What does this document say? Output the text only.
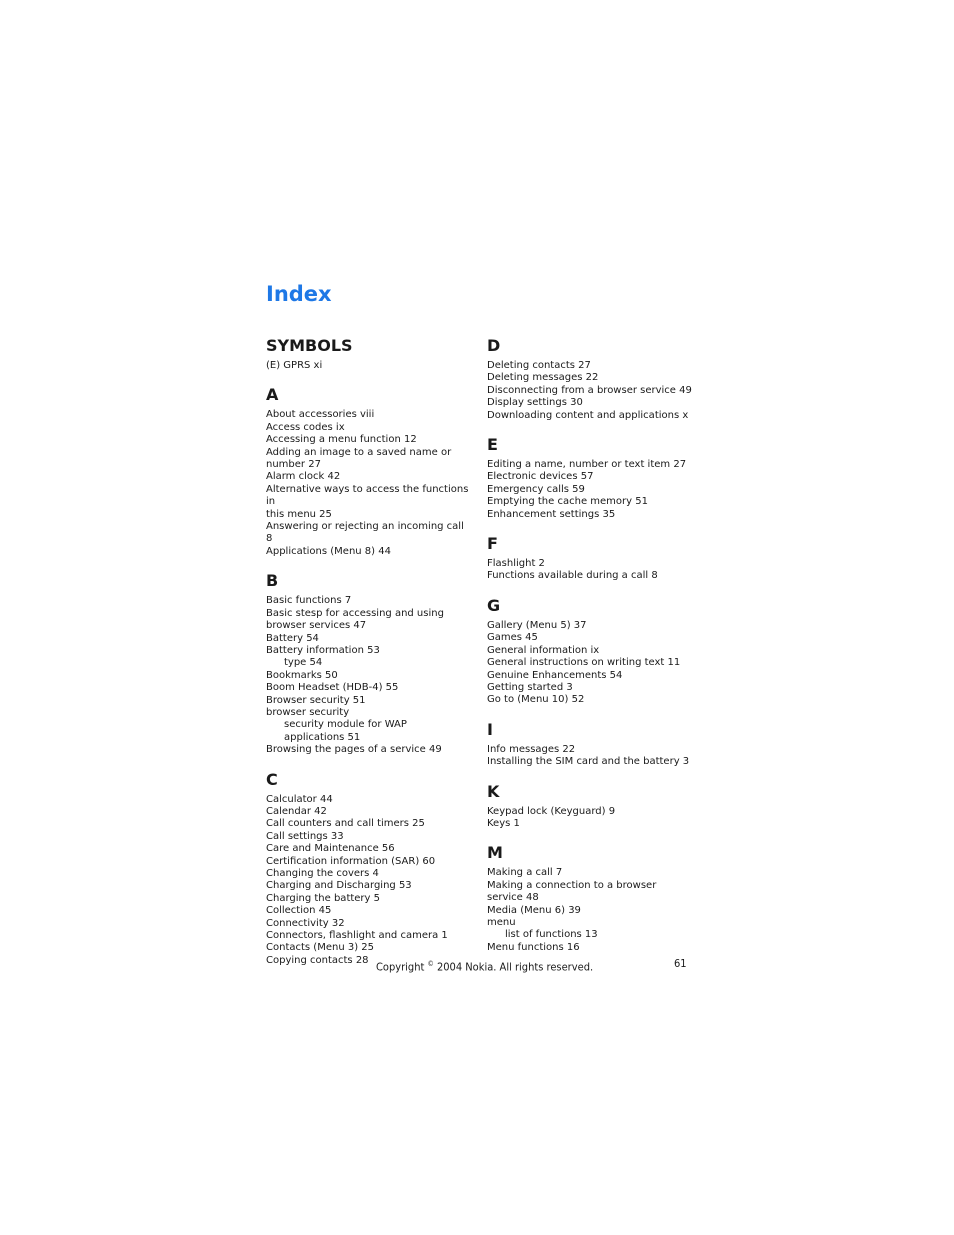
Index
SYMBOLS
(E) GPRS xi
A
About accessories viii
Access codes ix
Accessing a menu function 12
Adding an image to a saved name or
number 27
Alarm clock 42
Alternative ways to access the functions in
this menu 25
Answering or rejecting an incoming call 8
Applications (Menu 8) 44
B
Basic functions 7
Basic stesp for accessing and using
browser services 47
Battery 54
Battery information 53
type 54
Bookmarks 50
Boom Headset (HDB-4) 55
Browser security 51
browser security
security module for WAP
applications 51
Browsing the pages of a service 49
C
Calculator 44
Calendar 42
Call counters and call timers 25
Call settings 33
Care and Maintenance 56
Certification information (SAR) 60
Changing the covers 4
Charging and Discharging 53
Charging the battery 5
Collection 45
Connectivity 32
Connectors, flashlight and camera 1
Contacts (Menu 3) 25
Copying contacts 28
D
Deleting contacts 27
Deleting messages 22
Disconnecting from a browser service 49
Display settings 30
Downloading content and applications x
E
Editing a name, number or text item 27
Electronic devices 57
Emergency calls 59
Emptying the cache memory 51
Enhancement settings 35
F
Flashlight 2
Functions available during a call 8
G
Gallery (Menu 5) 37
Games 45
General information ix
General instructions on writing text 11
Genuine Enhancements 54
Getting started 3
Go to (Menu 10) 52
I
Info messages 22
Installing the SIM card and the battery 3
K
Keypad lock (Keyguard) 9
Keys 1
M
Making a call 7
Making a connection to a browser
service 48
Media (Menu 6) 39
menu
list of functions 13
Menu functions 16
Copyright © 2004 Nokia. All rights reserved.	61
